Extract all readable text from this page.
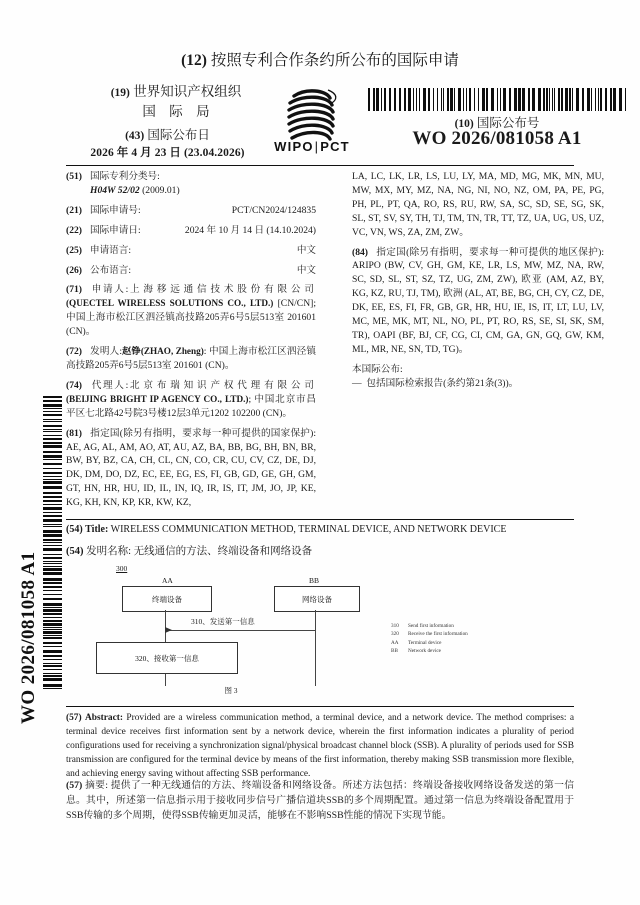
WO 2026/081058 A1
(12) 按照专利合作条约所公布的国际申请
(19) 世界知识产权组织
国 际 局
(43) 国际公布日
2026 年 4 月 23 日 (23.04.2026)	WIPO|PCT
(10) 国际公布号
WO 2026/081058 A1
(51) 国际专利分类号:
H04W 52/02 (2009.01)
(21) 国际申请号:	PCT/CN2024/124835
(22) 国际申请日:	2024 年 10 月 14 日 (14.10.2024)
(25) 申请语言:	中文
(26) 公布语言:	中文
(71) 申请人:上海移远通信技术股份有限公司 (QUECTEL WIRELESS SOLUTIONS CO., LTD.) [CN/CN]; 中国上海市松江区泗泾镇高技路205弄6号5层513室 201601 (CN)。
(72) 发明人:赵铮(ZHAO, Zheng): 中国上海市松江区泗泾镇高技路205弄6号5层513室 201601 (CN)。
(74) 代理人:北京布瑞知识产权代理有限公司 (BEIJING BRIGHT IP AGENCY CO., LTD.); 中国北京市昌平区七北路42号院3号楼12层3单元1202 102200 (CN)。
(81) 指定国(除另有指明，要求每一种可提供的国家保护): AE, AG, AL, AM, AO, AT, AU, AZ, BA, BB, BG, BH, BN, BR, BW, BY, BZ, CA, CH, CL, CN, CO, CR, CU, CV, CZ, DE, DJ, DK, DM, DO, DZ, EC, EE, EG, ES, FI, GB, GD, GE, GH, GM, GT, HN, HR, HU, ID, IL, IN, IQ, IR, IS, IT, JM, JO, JP, KE, KG, KH, KN, KP, KR, KW, KZ,
LA, LC, LK, LR, LS, LU, LY, MA, MD, MG, MK, MN, MU, MW, MX, MY, MZ, NA, NG, NI, NO, NZ, OM, PA, PE, PG, PH, PL, PT, QA, RO, RS, RU, RW, SA, SC, SD, SE, SG, SK, SL, ST, SV, SY, TH, TJ, TM, TN, TR, TT, TZ, UA, UG, US, UZ, VC, VN, WS, ZA, ZM, ZW。
(84) 指定国(除另有指明，要求每一种可提供的地区保护): ARIPO (BW, CV, GH, GM, KE, LR, LS, MW, MZ, NA, RW, SC, SD, SL, ST, SZ, TZ, UG, ZM, ZW), 欧亚 (AM, AZ, BY, KG, KZ, RU, TJ, TM), 欧洲 (AL, AT, BE, BG, CH, CY, CZ, DE, DK, EE, ES, FI, FR, GB, GR, HR, HU, IE, IS, IT, LT, LU, LV, MC, ME, MK, MT, NL, NO, PL, PT, RO, RS, SE, SI, SK, SM, TR), OAPI (BF, BJ, CF, CG, CI, CM, GA, GN, GQ, GW, KM, ML, MR, NE, SN, TD, TG)。
本国际公布:
— 包括国际检索报告(条约第21条(3))。
(54) Title: WIRELESS COMMUNICATION METHOD, TERMINAL DEVICE, AND NETWORK DEVICE
(54) 发明名称: 无线通信的方法、终端设备和网络设备
300
AA	BB
终端设备	网络设备
310、发送第一信息
320、接收第一信息
310 Send first information
320 Receive the first information
AA Terminal device
BB Network device
图 3
(57) Abstract: Provided are a wireless communication method, a terminal device, and a network device. The method comprises: a terminal device receives first information sent by a network device, wherein the first information indicates a plurality of period configurations used for receiving a synchronization signal/physical broadcast channel block (SSB). A plurality of periods used for SSB transmission are configured for the terminal device by means of the first information, thereby making SSB transmission more flexible, and achieving energy saving without affecting SSB performance.
(57) 摘要: 提供了一种无线通信的方法、终端设备和网络设备。所述方法包括：终端设备接收网络设备发送的第一信息。其中，所述第一信息指示用于接收同步信号广播信道块SSB的多个周期配置。通过第一信息为终端设备配置用于SSB传输的多个周期，使得SSB传输更加灵活，能够在不影响SSB性能的情况下实现节能。
